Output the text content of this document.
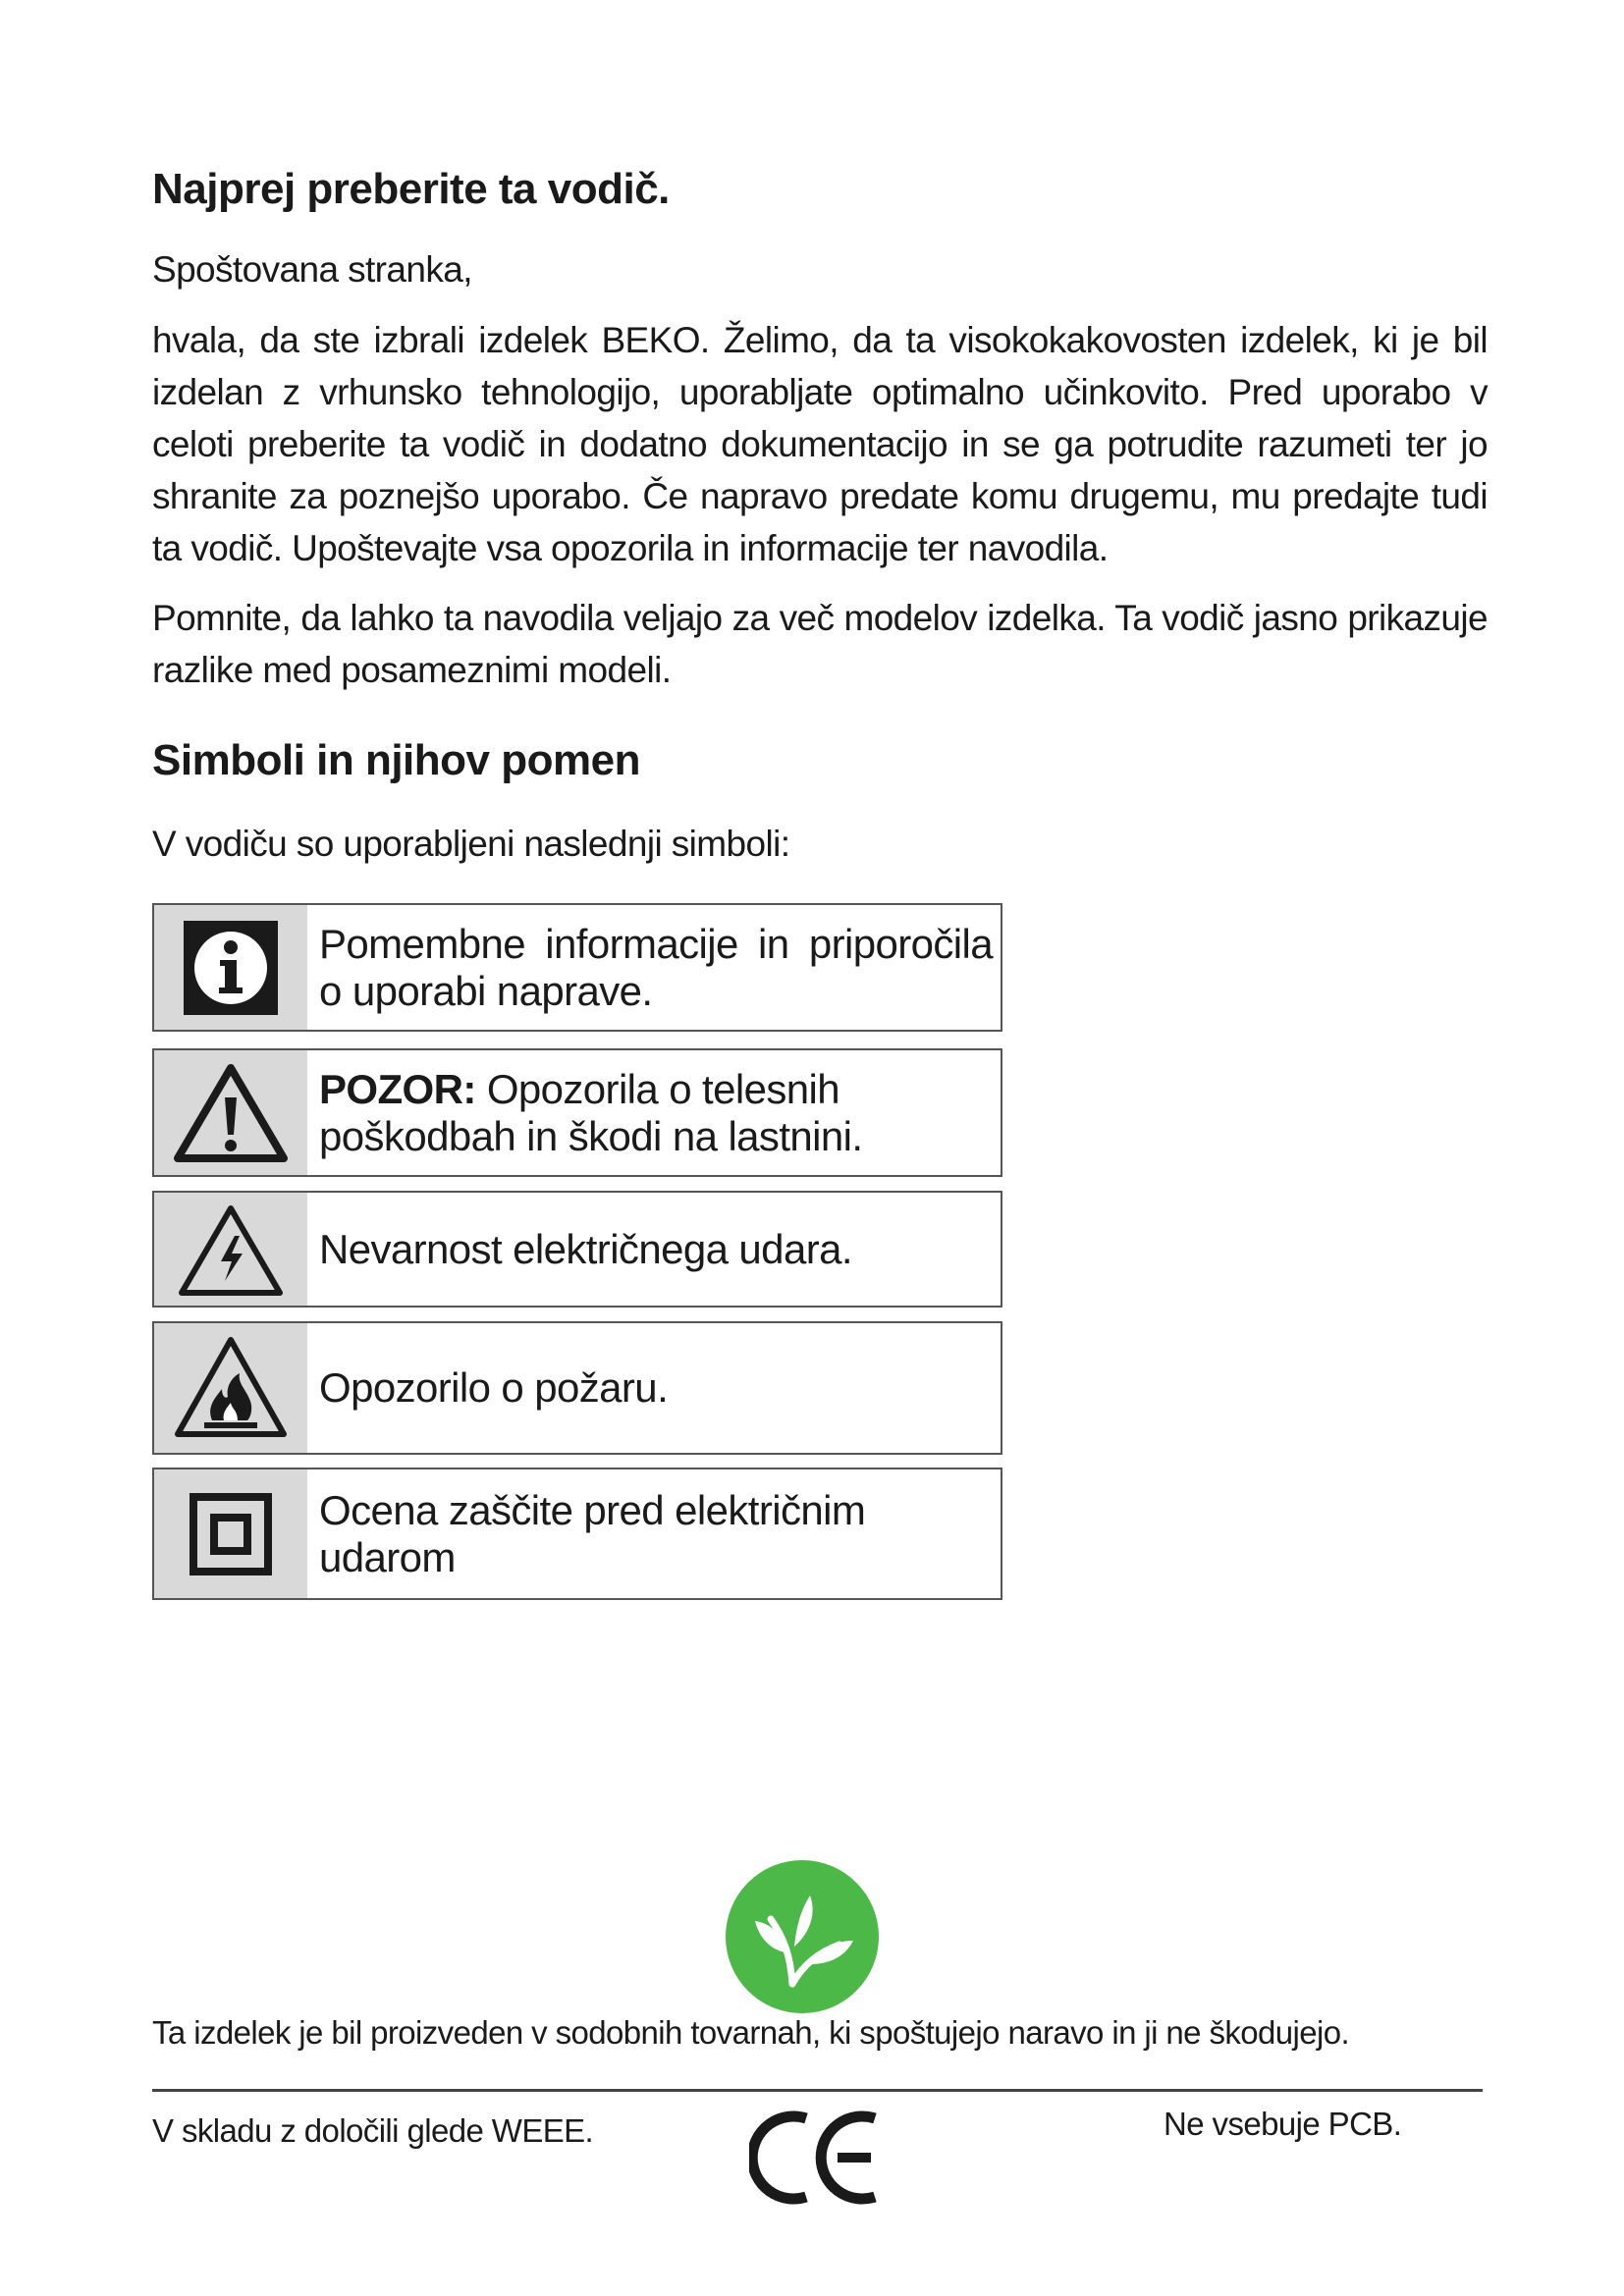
Najprej preberite ta vodič.

Spoštovana stranka,

hvala, da ste izbrali izdelek BEKO. Želimo, da ta visokokakovosten izdelek, ki je bil izdelan z vrhunsko tehnologijo, uporabljate optimalno učinkovito. Pred uporabo v celoti preberite ta vodič in dodatno dokumentacijo in se ga potrudite razumeti ter jo shranite za poznejšo uporabo. Če napravo predate komu drugemu, mu predajte tudi ta vodič. Upoštevajte vsa opozorila in informacije ter navodila.

Pomnite, da lahko ta navodila veljajo za več modelov izdelka. Ta vodič jasno prikazuje razlike med posameznimi modeli.

Simboli in njihov pomen

V vodiču so uporabljeni naslednji simboli:

Pomembne informacije in priporočila o uporabi naprave.
POZOR: Opozorila o telesnih poškodbah in škodi na lastnini.
Nevarnost električnega udara.
Opozorilo o požaru.
Ocena zaščite pred električnim udarom

Ta izdelek je bil proizveden v sodobnih tovarnah, ki spoštujejo naravo in ji ne škodujejo.

V skladu z določili glede WEEE.	Ne vsebuje PCB.
